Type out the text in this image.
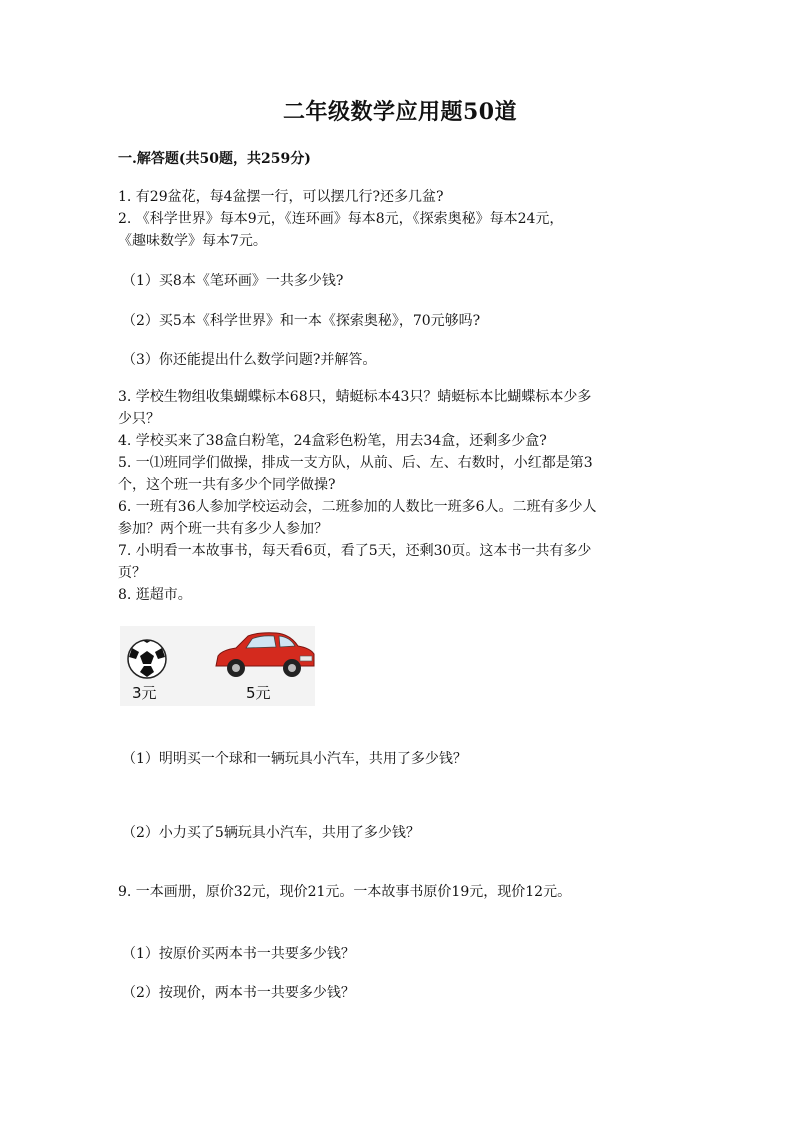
二年级数学应用题50道
一.解答题(共50题，共259分)
1. 有29盆花，每4盆摆一行，可以摆几行?还多几盆?
2. 《科学世界》每本9元，《连环画》每本8元，《探索奥秘》每本24元，
《趣味数学》每本7元。
（1）买8本《笔环画》一共多少钱?
（2）买5本《科学世界》和一本《探索奥秘》，70元够吗?
（3）你还能提出什么数学问题?并解答。
3. 学校生物组收集蝴蝶标本68只，蜻蜓标本43只？蜻蜓标本比蝴蝶标本少多
少只？
4. 学校买来了38盒白粉笔，24盒彩色粉笔，用去34盒，还剩多少盒?
5. 一⑴班同学们做操，排成一支方队，从前、后、左、右数时，小红都是第3
个，这个班一共有多少个同学做操?
6. 一班有36人参加学校运动会，二班参加的人数比一班多6人。二班有多少人
参加？两个班一共有多少人参加？
7. 小明看一本故事书，每天看6页，看了5天，还剩30页。这本书一共有多少
页？
8. 逛超市。
3元	5元
（1）明明买一个球和一辆玩具小汽车，共用了多少钱？
（2）小力买了5辆玩具小汽车，共用了多少钱？
9. 一本画册，原价32元，现价21元。一本故事书原价19元，现价12元。
（1）按原价买两本书一共要多少钱？
（2）按现价，两本书一共要多少钱？
